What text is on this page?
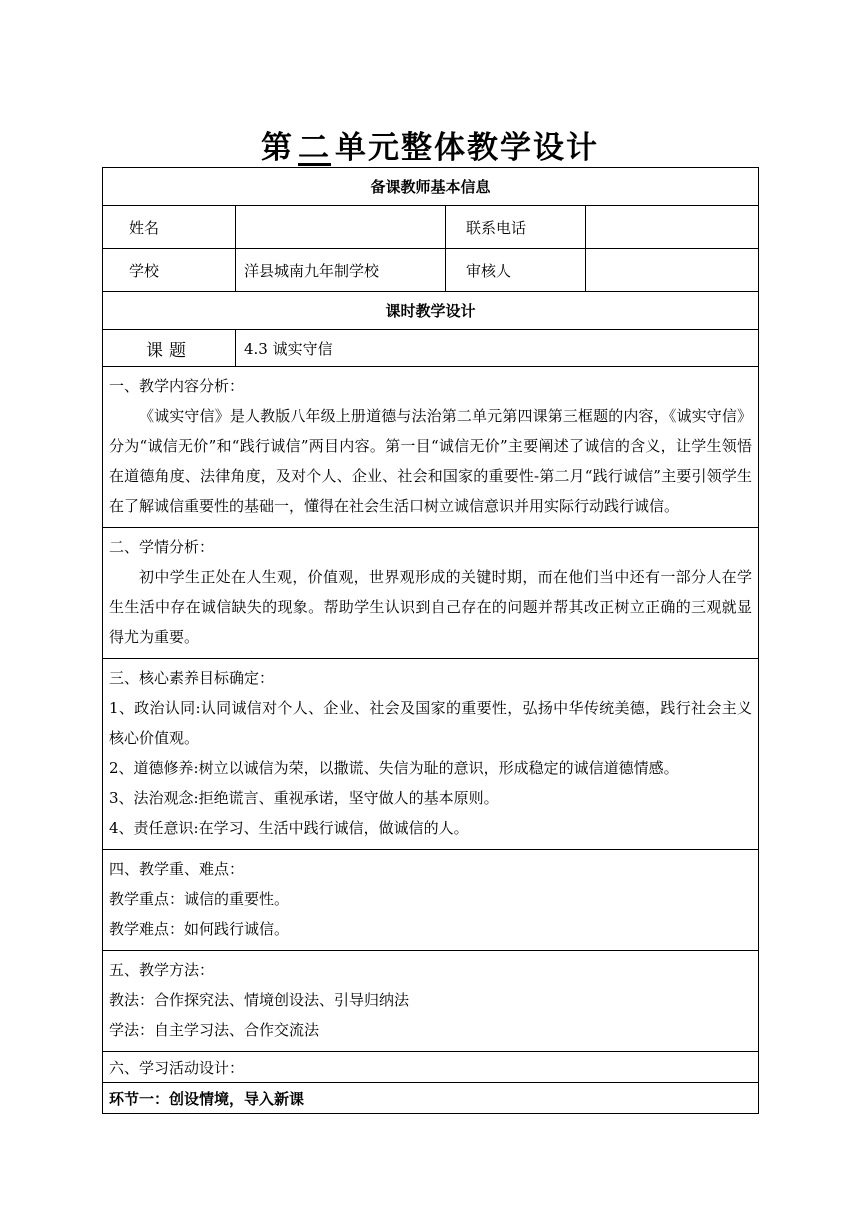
第 二 单元整体教学设计
备课教师基本信息			
姓名		联系电话	
学校	洋县城南九年制学校	审核人	
课时教学设计			
课题	4.3 诚实守信		

一、教学内容分析：
《诚实守信》是人教版八年级上册道德与法治第二单元第四课第三框题的内容，《诚实守信》分为“诚信无价”和“践行诚信”两目内容。第一目“诚信无价”主要阐述了诚信的含义，让学生领悟在道德角度、法律角度，及对个人、企业、社会和国家的重要性-第二月“践行诚信”主要引领学生在了解诚信重要性的基础一，懂得在社会生活口树立诚信意识并用实际行动践行诚信。			

二、学情分析：
初中学生正处在人生观，价值观，世界观形成的关键时期，而在他们当中还有一部分人在学生生活中存在诚信缺失的现象。帮助学生认识到自己存在的问题并帮其改正树立正确的三观就显得尤为重要。			

三、核心素养目标确定：
1、政治认同:认同诚信对个人、企业、社会及国家的重要性，弘扬中华传统美德，践行社会主义核心价值观。
2、道德修养:树立以诚信为荣，以撒谎、失信为耻的意识，形成稳定的诚信道德情感。
3、法治观念:拒绝谎言、重视承诺，坚守做人的基本原则。
4、责任意识:在学习、生活中践行诚信，做诚信的人。			

四、教学重、难点：
教学重点：诚信的重要性。
教学难点：如何践行诚信。			

五、教学方法：
教法：合作探究法、情境创设法、引导归纳法
学法：自主学习法、合作交流法			

六、学习活动设计：			
环节一：创设情境，导入新课			
